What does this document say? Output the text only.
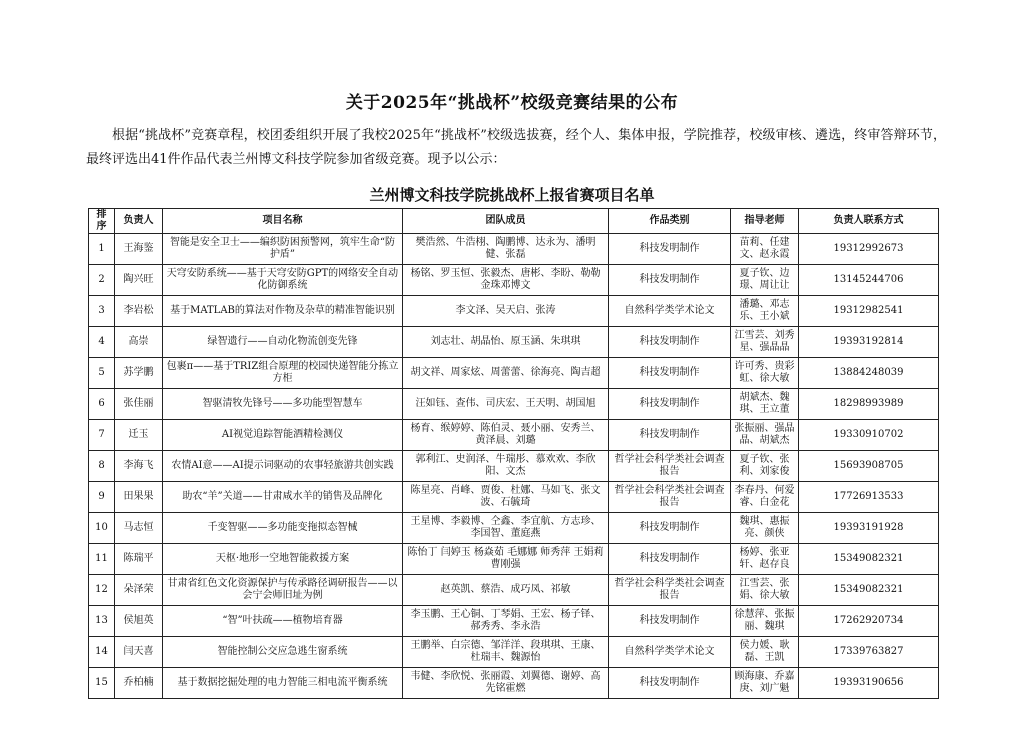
关于2025年“挑战杯”校级竞赛结果的公布
根据“挑战杯”竞赛章程，校团委组织开展了我校2025年“挑战杯”校级选拔赛，经个人、集体申报，学院推荐，校级审核、遴选，终审答辩环节，最终评选出41件作品代表兰州博文科技学院参加省级竞赛。现予以公示：
兰州博文科技学院挑战杯上报省赛项目名单
排序	负责人	项目名称	团队成员	作品类别	指导老师	负责人联系方式
1	王海鉴	智能是安全卫士——编织防困预警网，筑牢生命“防护盾”	樊浩然、牛浩栩、陶鹏博、达永为、潘明健、张磊	科技发明制作	苗莉、任建文、赵永霞	19312992673
2	陶兴旺	天穹安防系统——基于天穹安防GPT的网络安全自动化防御系统	杨铭、罗玉恒、张毅杰、唐彬、李盼、勒勒金珠邓博文	科技发明制作	夏子钦、边璟、周让让	13145244706
3	李岩松	基于MATLAB的算法对作物及杂草的精准智能识别	李文泽、吴天启、张涛	自然科学类学术论文	潘璐、邓志乐、王小斌	19312982541
4	高崇	绿智遗行——自动化物流创变先锋	刘志壮、胡晶怡、原玉涵、朱琪琪	科技发明制作	江雪芸、刘秀星、强晶晶	19393192814
5	苏学鹏	包裹π——基于TRIZ组合原理的校园快递智能分拣立方柜	胡文祥、周家炫、周蕾蕾、徐海亮、陶吉超	科技发明制作	许可秀、贵彩虹、徐大敏	13884248039
6	张佳丽	智驱清牧先锋号——多功能型智慧车	汪如钰、查伟、司庆宏、王天明、胡国旭	科技发明制作	胡斌杰、魏琪、王立董	18298993989
7	迁玉	AI视觉追踪智能酒精检测仪	杨育、缑婷婷、陈伯灵、聂小丽、安秀兰、黄泽晨、刘璐	科技发明制作	张振丽、强晶晶、胡斌杰	19330910702
8	李海飞	农情AI意——AI提示词驱动的农事轻旅游共创实践	郭利江、史润泽、牛瑞彤、慕欢欢、李欣阳、文杰	哲学社会科学类社会调查报告	夏子钦、张利、刘家俊	15693908705
9	田果果	助农“羊”关道——甘肃咸水羊的销售及品牌化	陈星亮、肖峰、贾俊、杜娜、马如飞、张文波、石毓琦	哲学社会科学类社会调查报告	李春丹、何爱睿、白金花	17726913533
10	马志恒	千变智驱——多功能变拖拟态智械	王星博、李毅博、仝鑫、李宜航、方志珍、李国智、董庭燕	科技发明制作	魏琪、惠振亮、颜侠	19393191928
11	陈瑞平	天枢·地形一空地智能救援方案	陈怡丁 闫婷玉 杨焱茹 毛娜娜 师秀萍 王娟莉 曹刚强	科技发明制作	杨婷、张亚轩、赵存良	15349082321
12	朵泽荣	甘肃省红色文化资源保护与传承路径调研报告——以会宁会师旧址为例	赵英凯、蔡浩、成巧凤、祁敏	哲学社会科学类社会调查报告	江雪芸、张娟、徐大敏	15349082321
13	侯旭英	“智”叶扶疏——植物培育器	李玉鹏、王心铜、丁琴娟、王宏、杨子铎、郝秀秀、李永浩	科技发明制作	徐慧萍、张振丽、魏琪	17262920734
14	闫天喜	智能控制公交应急逃生窗系统	王鹏举、白宗德、邹洋洋、段琪琪、王康、杜瑞丰、魏源怡	自然科学类学术论文	侯力媛、耿磊、王凯	17339763827
15	乔柏楠	基于数据挖掘处理的电力智能三相电流平衡系统	韦健、李欣悦、张丽霞、刘翼德、谢婷、高先铭霍燃	科技发明制作	顾海康、乔嘉庚、刘广魁	19393190656
